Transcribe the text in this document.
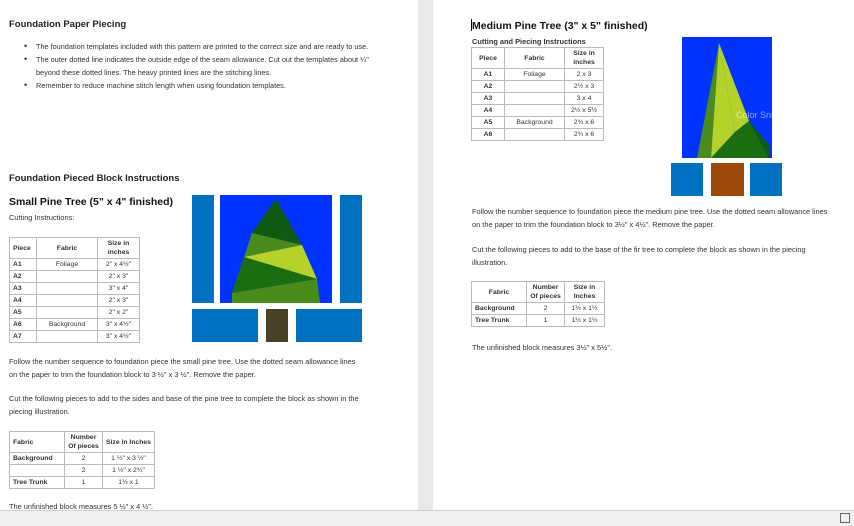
Foundation Paper Piecing
• The foundation templates included with this pattern are printed to the correct size and are ready to use.
• The outer dotted line indicates the outside edge of the seam allowance. Cut out the templates about ¼" beyond these dotted lines. The heavy printed lines are the stitching lines.
• Remember to reduce machine stitch length when using foundation templates.
Foundation Pieced Block Instructions
Small Pine Tree (5" x 4" finished)
Cutting Instructions:
Piece	Fabric	Size in inches
A1	Foliage	2" x 4½"
A2		2" x 3"
A3		3" x 4"
A4		2" x 3"
A5		2" x 2"
A6	Background	3" x 4½"
A7		3" x 4½"
Follow the number sequence to foundation piece the small pine tree. Use the dotted seam allowance lines on the paper to trim the foundation block to 3 ½" x 3 ½". Remove the paper.
Cut the following pieces to add to the sides and base of the pine tree to complete the block as shown in the piecing illustration.
Fabric	Number Of pieces	Size in Inches
Background	2	1 ½" x 3 ½"
	2	1 ½" x 2¾"
Tree Trunk	1	1½ x 1
The unfinished block measures 5 ½" x 4 ½".
Medium Pine Tree (3" x 5" finished)
Cutting and Piecing Instructions
Piece	Fabric	Size in inches
A1	Foliage	2 x 3
A2		2½ x 3
A3		3 x 4
A4		2½ x 5½
A5	Background	2¾ x 6
A6		2¾ x 6
Color Snip
Follow the number sequence to foundation piece the medium pine tree. Use the dotted seam allowance lines on the paper to trim the foundation block to 3½" x 4½". Remove the paper.
Cut the following pieces to add to the base of the fir tree to complete the block as shown in the piecing illustration.
Fabric	Number Of pieces	Size in Inches
Background	2	1½ x 1½
Tree Trunk	1	1½ x 1½
The unfinished block measures 3½" x 5½".
